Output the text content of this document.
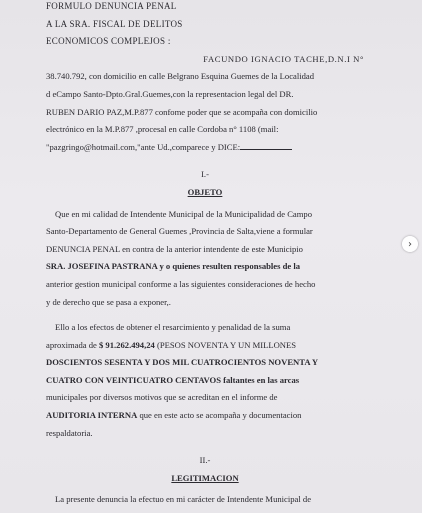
FORMULO DENUNCIA PENAL

A LA SRA. FISCAL DE DELITOS

ECONOMICOS COMPLEJOS :

FACUNDO IGNACIO TACHE,D.N.I N°

38.740.792, con domicilio en calle Belgrano Esquina Guemes de la Localidad

d eCampo Santo-Dpto.Gral.Guemes,con la representacion legal del DR.

RUBEN DARIO PAZ,M.P.877 confome poder que se acompaña con domicilio

electrónico en la M.P.877 ,procesal en calle Cordoba n° 1108 (mail:

"pazgringo@hotmail.com,"ante Ud.,comparece y DICE:

I.-

OBJETO

Que en mi calidad de Intendente Municipal de la Municipalidad de Campo

Santo-Departamento de General Guemes ,Provincia de Salta,viene a formular

DENUNCIA PENAL en contra de la anterior intendente de este Municipio

SRA. JOSEFINA PASTRANA y o quienes resulten responsables de la

anterior gestion municipal conforme a las siguientes consideraciones de hecho

y de derecho que se pasa a exponer,.

Ello a los efectos de obtener el resarcimiento y penalidad de la suma

aproximada de $ 91.262.494,24 (PESOS NOVENTA Y UN MILLONES

DOSCIENTOS SESENTA Y DOS MIL CUATROCIENTOS NOVENTA Y

CUATRO CON VEINTICUATRO CENTAVOS faltantes en las arcas

municipales por diversos motivos que se acreditan en el informe de

AUDITORIA INTERNA que en este acto se acompaña y documentacion

respaldatoria.

II.-

LEGITIMACION

La presente denuncia la efectuo en mi carácter de Intendente Municipal de

›
